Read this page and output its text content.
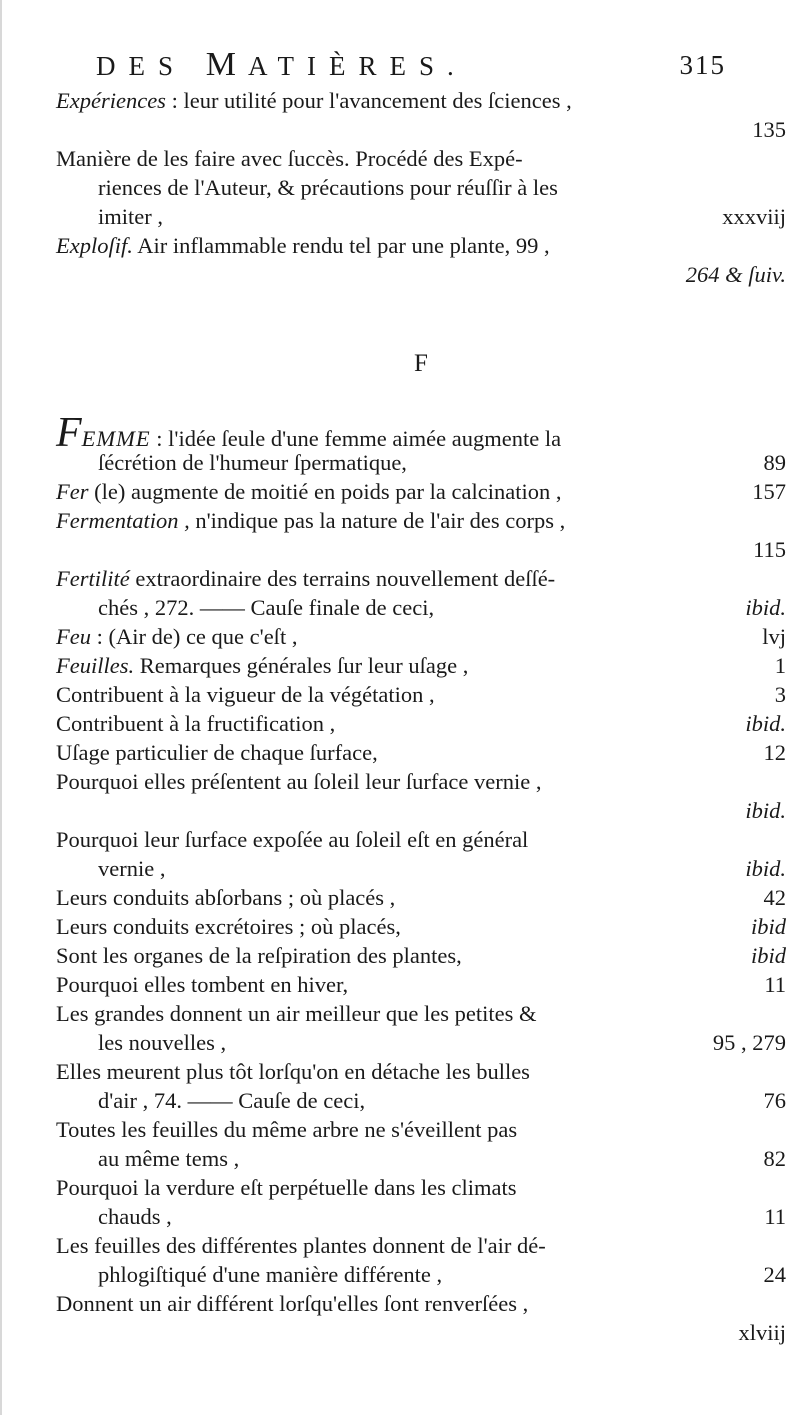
DES MATIÈRES.	315
Expériences : leur utilité pour l'avancement des ſciences ,
135
Manière de les faire avec ſuccès. Procédé des Expé-
riences de l'Auteur, & précautions pour réuſſir à les
imiter ,	xxxviij
Exploſif. Air inflammable rendu tel par une plante, 99 ,
264 & ſuiv.
F
FEMME : l'idée ſeule d'une femme aimée augmente la
ſécrétion de l'humeur ſpermatique,	89
Fer (le) augmente de moitié en poids par la calcination ,	157
Fermentation , n'indique pas la nature de l'air des corps ,
115
Fertilité extraordinaire des terrains nouvellement deſſé-
chés , 272. —— Cauſe finale de ceci,	ibid.
Feu : (Air de) ce que c'eſt ,	lvj
Feuilles. Remarques générales ſur leur uſage ,	1
Contribuent à la vigueur de la végétation ,	3
Contribuent à la fructification ,	ibid.
Uſage particulier de chaque ſurface,	12
Pourquoi elles préſentent au ſoleil leur ſurface vernie ,
ibid.
Pourquoi leur ſurface expoſée au ſoleil eſt en général
vernie ,	ibid.
Leurs conduits abſorbans ; où placés ,	42
Leurs conduits excrétoires ; où placés,	ibid
Sont les organes de la reſpiration des plantes,	ibid
Pourquoi elles tombent en hiver,	11
Les grandes donnent un air meilleur que les petites &
les nouvelles ,	95 , 279
Elles meurent plus tôt lorſqu'on en détache les bulles
d'air , 74. —— Cauſe de ceci,	76
Toutes les feuilles du même arbre ne s'éveillent pas
au même tems ,	82
Pourquoi la verdure eſt perpétuelle dans les climats
chauds ,	11
Les feuilles des différentes plantes donnent de l'air dé-
phlogiſtiqué d'une manière différente ,	24
Donnent un air différent lorſqu'elles ſont renverſées ,
xlviij
